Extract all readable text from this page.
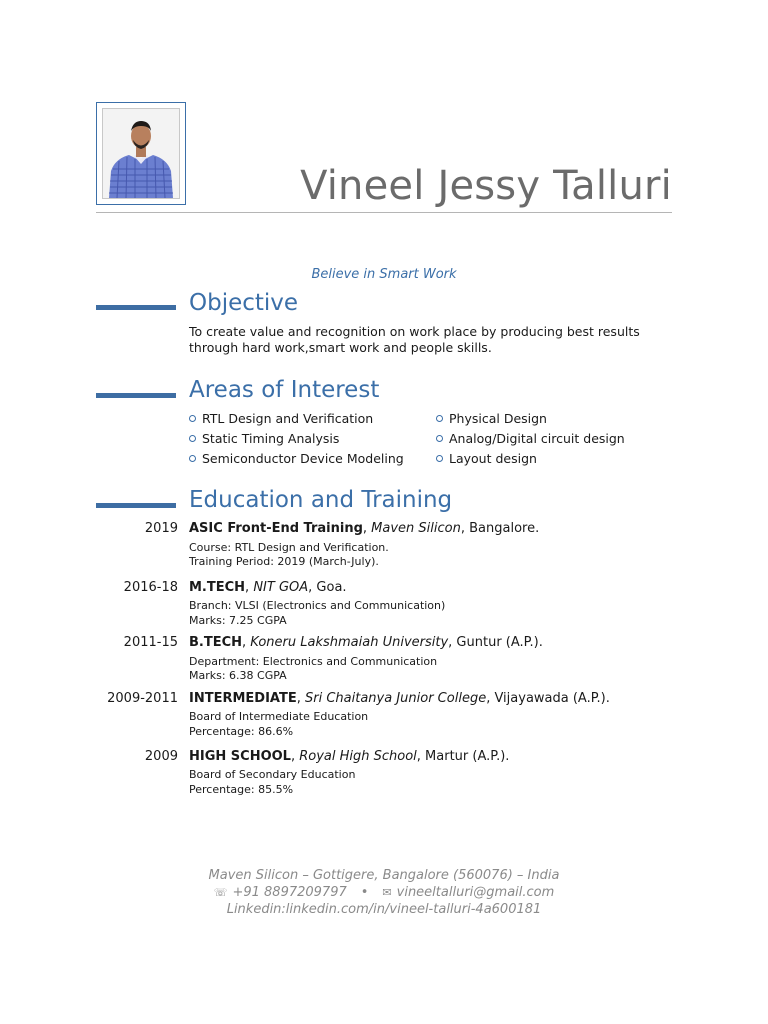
Vineel Jessy Talluri
Believe in Smart Work
Objective
To create value and recognition on work place by producing best results through hard work,smart work and people skills.
Areas of Interest
RTL Design and Verification
Static Timing Analysis
Semiconductor Device Modeling
Physical Design
Analog/Digital circuit design
Layout design
Education and Training
2019 ASIC Front-End Training, Maven Silicon, Bangalore.
Course: RTL Design and Verification.
Training Period: 2019 (March-July).
2016-18 M.TECH, NIT GOA, Goa.
Branch: VLSI (Electronics and Communication)
Marks: 7.25 CGPA
2011-15 B.TECH, Koneru Lakshmaiah University, Guntur (A.P.).
Department: Electronics and Communication
Marks: 6.38 CGPA
2009-2011 INTERMEDIATE, Sri Chaitanya Junior College, Vijayawada (A.P.).
Board of Intermediate Education
Percentage: 86.6%
2009 HIGH SCHOOL, Royal High School, Martur (A.P.).
Board of Secondary Education
Percentage: 85.5%
Maven Silicon – Gottigere, Bangalore (560076) – India
☏ +91 8897209797 • ✉ vineeltalluri@gmail.com
Linkedin:linkedin.com/in/vineel-talluri-4a600181
